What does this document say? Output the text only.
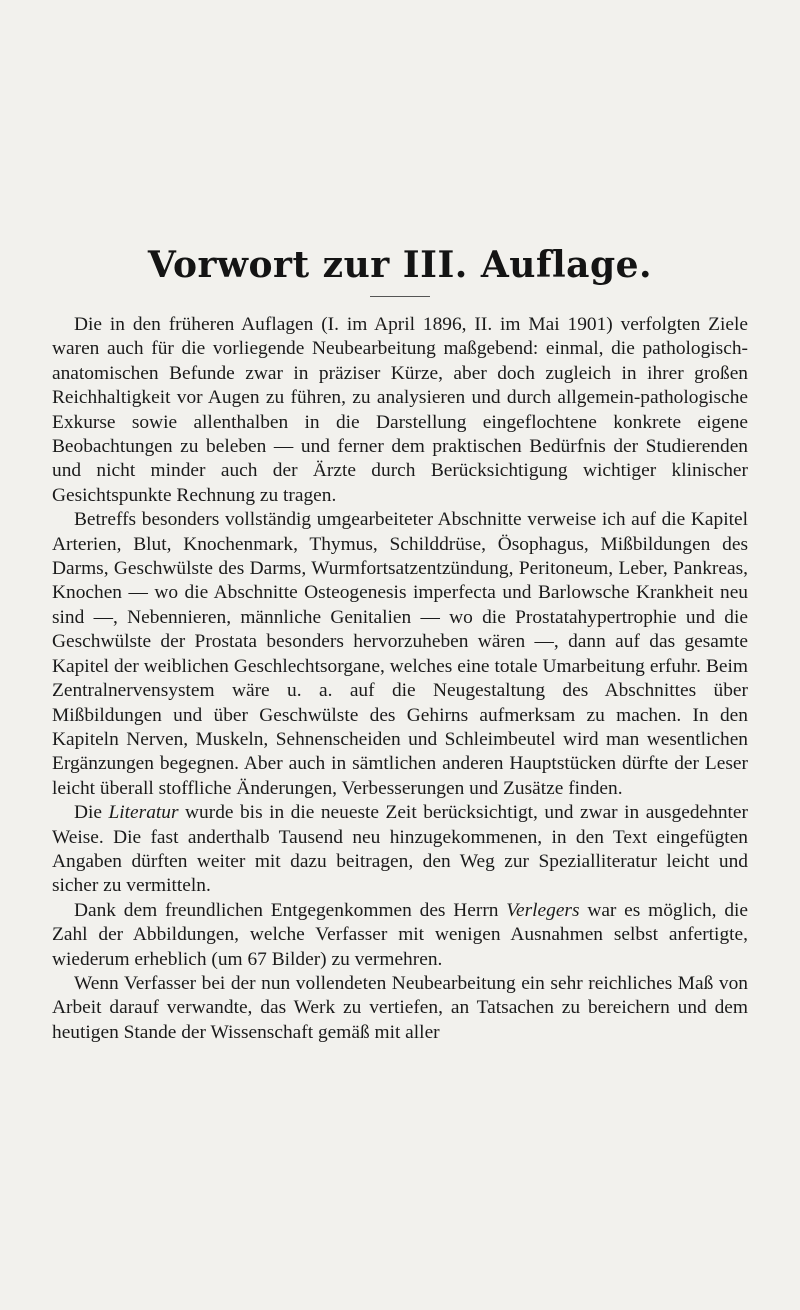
Vorwort zur III. Auflage.

Die in den früheren Auflagen (I. im April 1896, II. im Mai 1901) verfolgten Ziele waren auch für die vorliegende Neubearbeitung maßgebend: einmal, die pathologisch-anatomischen Befunde zwar in präziser Kürze, aber doch zugleich in ihrer großen Reichhaltigkeit vor Augen zu führen, zu analysieren und durch allgemein-pathologische Exkurse sowie allenthalben in die Darstellung eingeflochtene konkrete eigene Beobachtungen zu beleben — und ferner dem praktischen Bedürfnis der Studierenden und nicht minder auch der Ärzte durch Berücksichtigung wichtiger klinischer Gesichtspunkte Rechnung zu tragen.

Betreffs besonders vollständig umgearbeiteter Abschnitte verweise ich auf die Kapitel Arterien, Blut, Knochenmark, Thymus, Schilddrüse, Ösophagus, Mißbildungen des Darms, Geschwülste des Darms, Wurmfortsatzentzündung, Peritoneum, Leber, Pankreas, Knochen — wo die Abschnitte Osteogenesis imperfecta und Barlowsche Krankheit neu sind —, Nebennieren, männliche Genitalien — wo die Prostatahypertrophie und die Geschwülste der Prostata besonders hervorzuheben wären —, dann auf das gesamte Kapitel der weiblichen Geschlechtsorgane, welches eine totale Umarbeitung erfuhr. Beim Zentralnervensystem wäre u. a. auf die Neugestaltung des Abschnittes über Mißbildungen und über Geschwülste des Gehirns aufmerksam zu machen. In den Kapiteln Nerven, Muskeln, Sehnenscheiden und Schleimbeutel wird man wesentlichen Ergänzungen begegnen. Aber auch in sämtlichen anderen Hauptstücken dürfte der Leser leicht überall stoffliche Änderungen, Verbesserungen und Zusätze finden.

Die Literatur wurde bis in die neueste Zeit berücksichtigt, und zwar in ausgedehnter Weise. Die fast anderthalb Tausend neu hinzugekommenen, in den Text eingefügten Angaben dürften weiter mit dazu beitragen, den Weg zur Spezialliteratur leicht und sicher zu vermitteln.

Dank dem freundlichen Entgegenkommen des Herrn Verlegers war es möglich, die Zahl der Abbildungen, welche Verfasser mit wenigen Ausnahmen selbst anfertigte, wiederum erheblich (um 67 Bilder) zu vermehren.

Wenn Verfasser bei der nun vollendeten Neubearbeitung ein sehr reichliches Maß von Arbeit darauf verwandte, das Werk zu vertiefen, an Tatsachen zu bereichern und dem heutigen Stande der Wissenschaft gemäß mit aller
